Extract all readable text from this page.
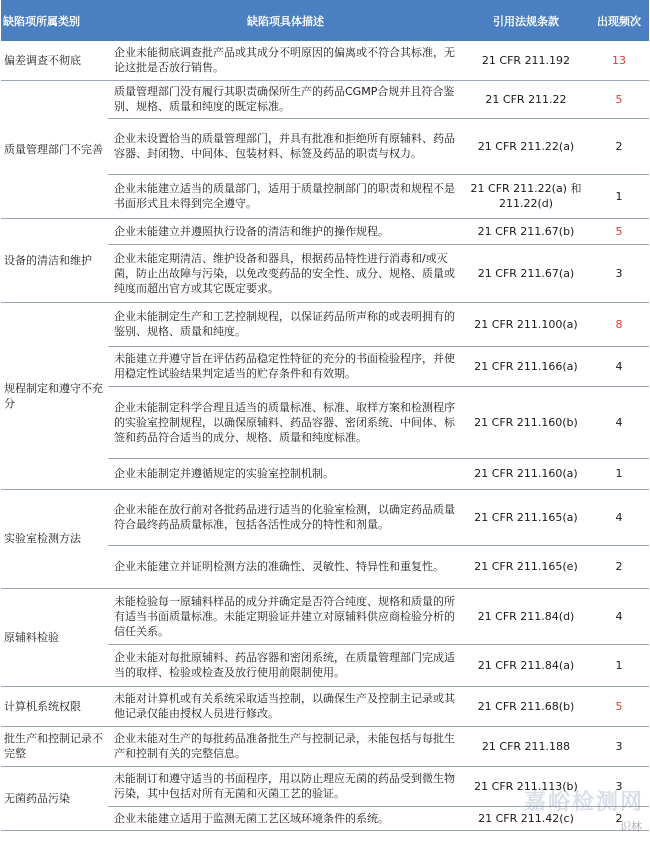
缺陷项所属类别	缺陷项具体描述	引用法规条款	出现频次
偏差调查不彻底	企业未能彻底调查批产品或其成分不明原因的偏离或不符合其标准，无论这批是否放行销售。	21 CFR 211.192	13
质量管理部门不完善	质量管理部门没有履行其职责确保所生产的药品CGMP合规并且符合鉴别、规格、质量和纯度的既定标准。	21 CFR 211.22	5
	企业未设置恰当的质量管理部门，并具有批准和拒绝所有原辅料、药品容器、封闭物、中间体、包装材料、标签及药品的职责与权力。	21 CFR 211.22(a)	2
	企业未能建立适当的质量部门，适用于质量控制部门的职责和规程不是书面形式且未得到完全遵守。	21 CFR 211.22(a) 和 211.22(d)	1
设备的清洁和维护	企业未能建立并遵照执行设备的清洁和维护的操作规程。	21 CFR 211.67(b)	5
	企业未能定期清洁、维护设备和器具，根据药品特性进行消毒和/或灭菌，防止出故障与污染，以免改变药品的安全性、成分、规格、质量或纯度而超出官方或其它既定要求。	21 CFR 211.67(a)	3
规程制定和遵守不充分	企业未能制定生产和工艺控制规程，以保证药品所声称的或表明拥有的鉴别、规格、质量和纯度。	21 CFR 211.100(a)	8
	未能建立并遵守旨在评估药品稳定性特征的充分的书面检验程序，并使用稳定性试验结果判定适当的贮存条件和有效期。	21 CFR 211.166(a)	4
	企业未能制定科学合理且适当的质量标准、标准、取样方案和检测程序的实验室控制规程，以确保原辅料、药品容器、密闭系统、中间体、标签和药品符合适当的成分、规格、质量和纯度标准。	21 CFR 211.160(b)	4
	企业未能制定并遵循规定的实验室控制机制。	21 CFR 211.160(a)	1
实验室检测方法	企业未能在放行前对各批药品进行适当的化验室检测，以确定药品质量符合最终药品质量标准，包括各活性成分的特性和剂量。	21 CFR 211.165(a)	4
	企业未能建立并证明检测方法的准确性、灵敏性、特异性和重复性。	21 CFR 211.165(e)	2
原辅料检验	未能检验每一原辅料样品的成分并确定是否符合纯度、规格和质量的所有适当书面质量标准。未能定期验证并建立对原辅料供应商检验分析的信任关系。	21 CFR 211.84(d)	4
	企业未能对每批原辅料、药品容器和密闭系统，在质量管理部门完成适当的取样、检验或检查及放行使用前限制使用。	21 CFR 211.84(a)	1
计算机系统权限	未能对计算机或有关系统采取适当控制，以确保生产及控制主记录或其他记录仅能由授权人员进行修改。	21 CFR 211.68(b)	5
批生产和控制记录不完整	企业未能对生产的每批药品准备批生产与控制记录，未能包括与每批生产和控制有关的完整信息。	21 CFR 211.188	3
无菌药品污染	未能制订和遵守适当的书面程序，用以防止理应无菌的药品受到微生物污染，其中包括对所有无菌和灭菌工艺的验证。	21 CFR 211.113(b)	3
	企业未能建立适用于监测无菌工艺区域环境条件的系统。	21 CFR 211.42(c)	2
嘉峪检测网
识林
